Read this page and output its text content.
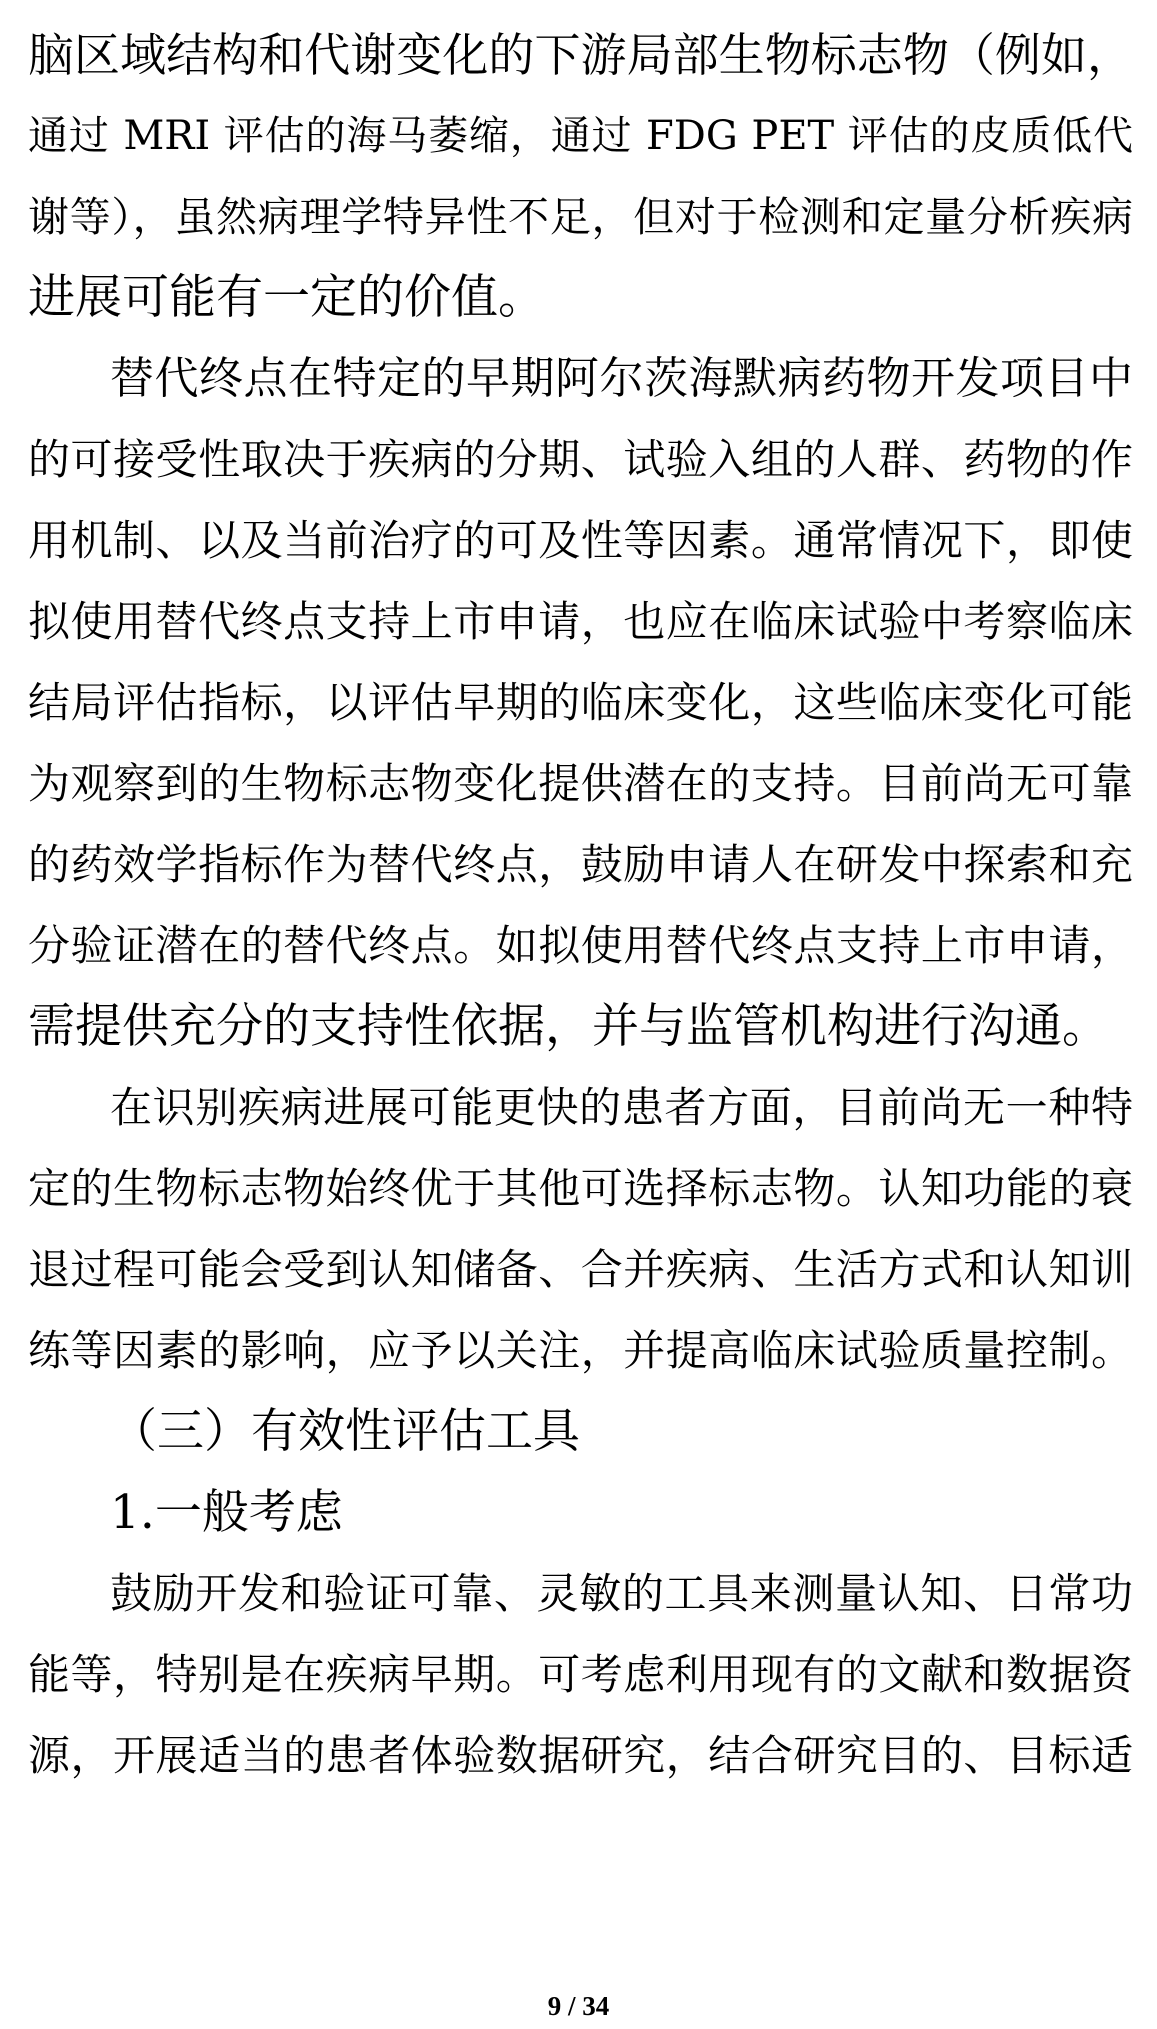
脑区域结构和代谢变化的下游局部生物标志物（例如，
通过 MRI 评估的海马萎缩，通过 FDG PET 评估的皮质低代
谢等），虽然病理学特异性不足，但对于检测和定量分析疾病
进展可能有一定的价值。
替代终点在特定的早期阿尔茨海默病药物开发项目中
的可接受性取决于疾病的分期、试验入组的人群、药物的作
用机制、以及当前治疗的可及性等因素。通常情况下，即使
拟使用替代终点支持上市申请，也应在临床试验中考察临床
结局评估指标，以评估早期的临床变化，这些临床变化可能
为观察到的生物标志物变化提供潜在的支持。目前尚无可靠
的药效学指标作为替代终点，鼓励申请人在研发中探索和充
分验证潜在的替代终点。如拟使用替代终点支持上市申请，
需提供充分的支持性依据，并与监管机构进行沟通。
在识别疾病进展可能更快的患者方面，目前尚无一种特
定的生物标志物始终优于其他可选择标志物。认知功能的衰
退过程可能会受到认知储备、合并疾病、生活方式和认知训
练等因素的影响，应予以关注，并提高临床试验质量控制。
（三）有效性评估工具
1.一般考虑
鼓励开发和验证可靠、灵敏的工具来测量认知、日常功
能等，特别是在疾病早期。可考虑利用现有的文献和数据资
源，开展适当的患者体验数据研究，结合研究目的、目标适
9 / 34
